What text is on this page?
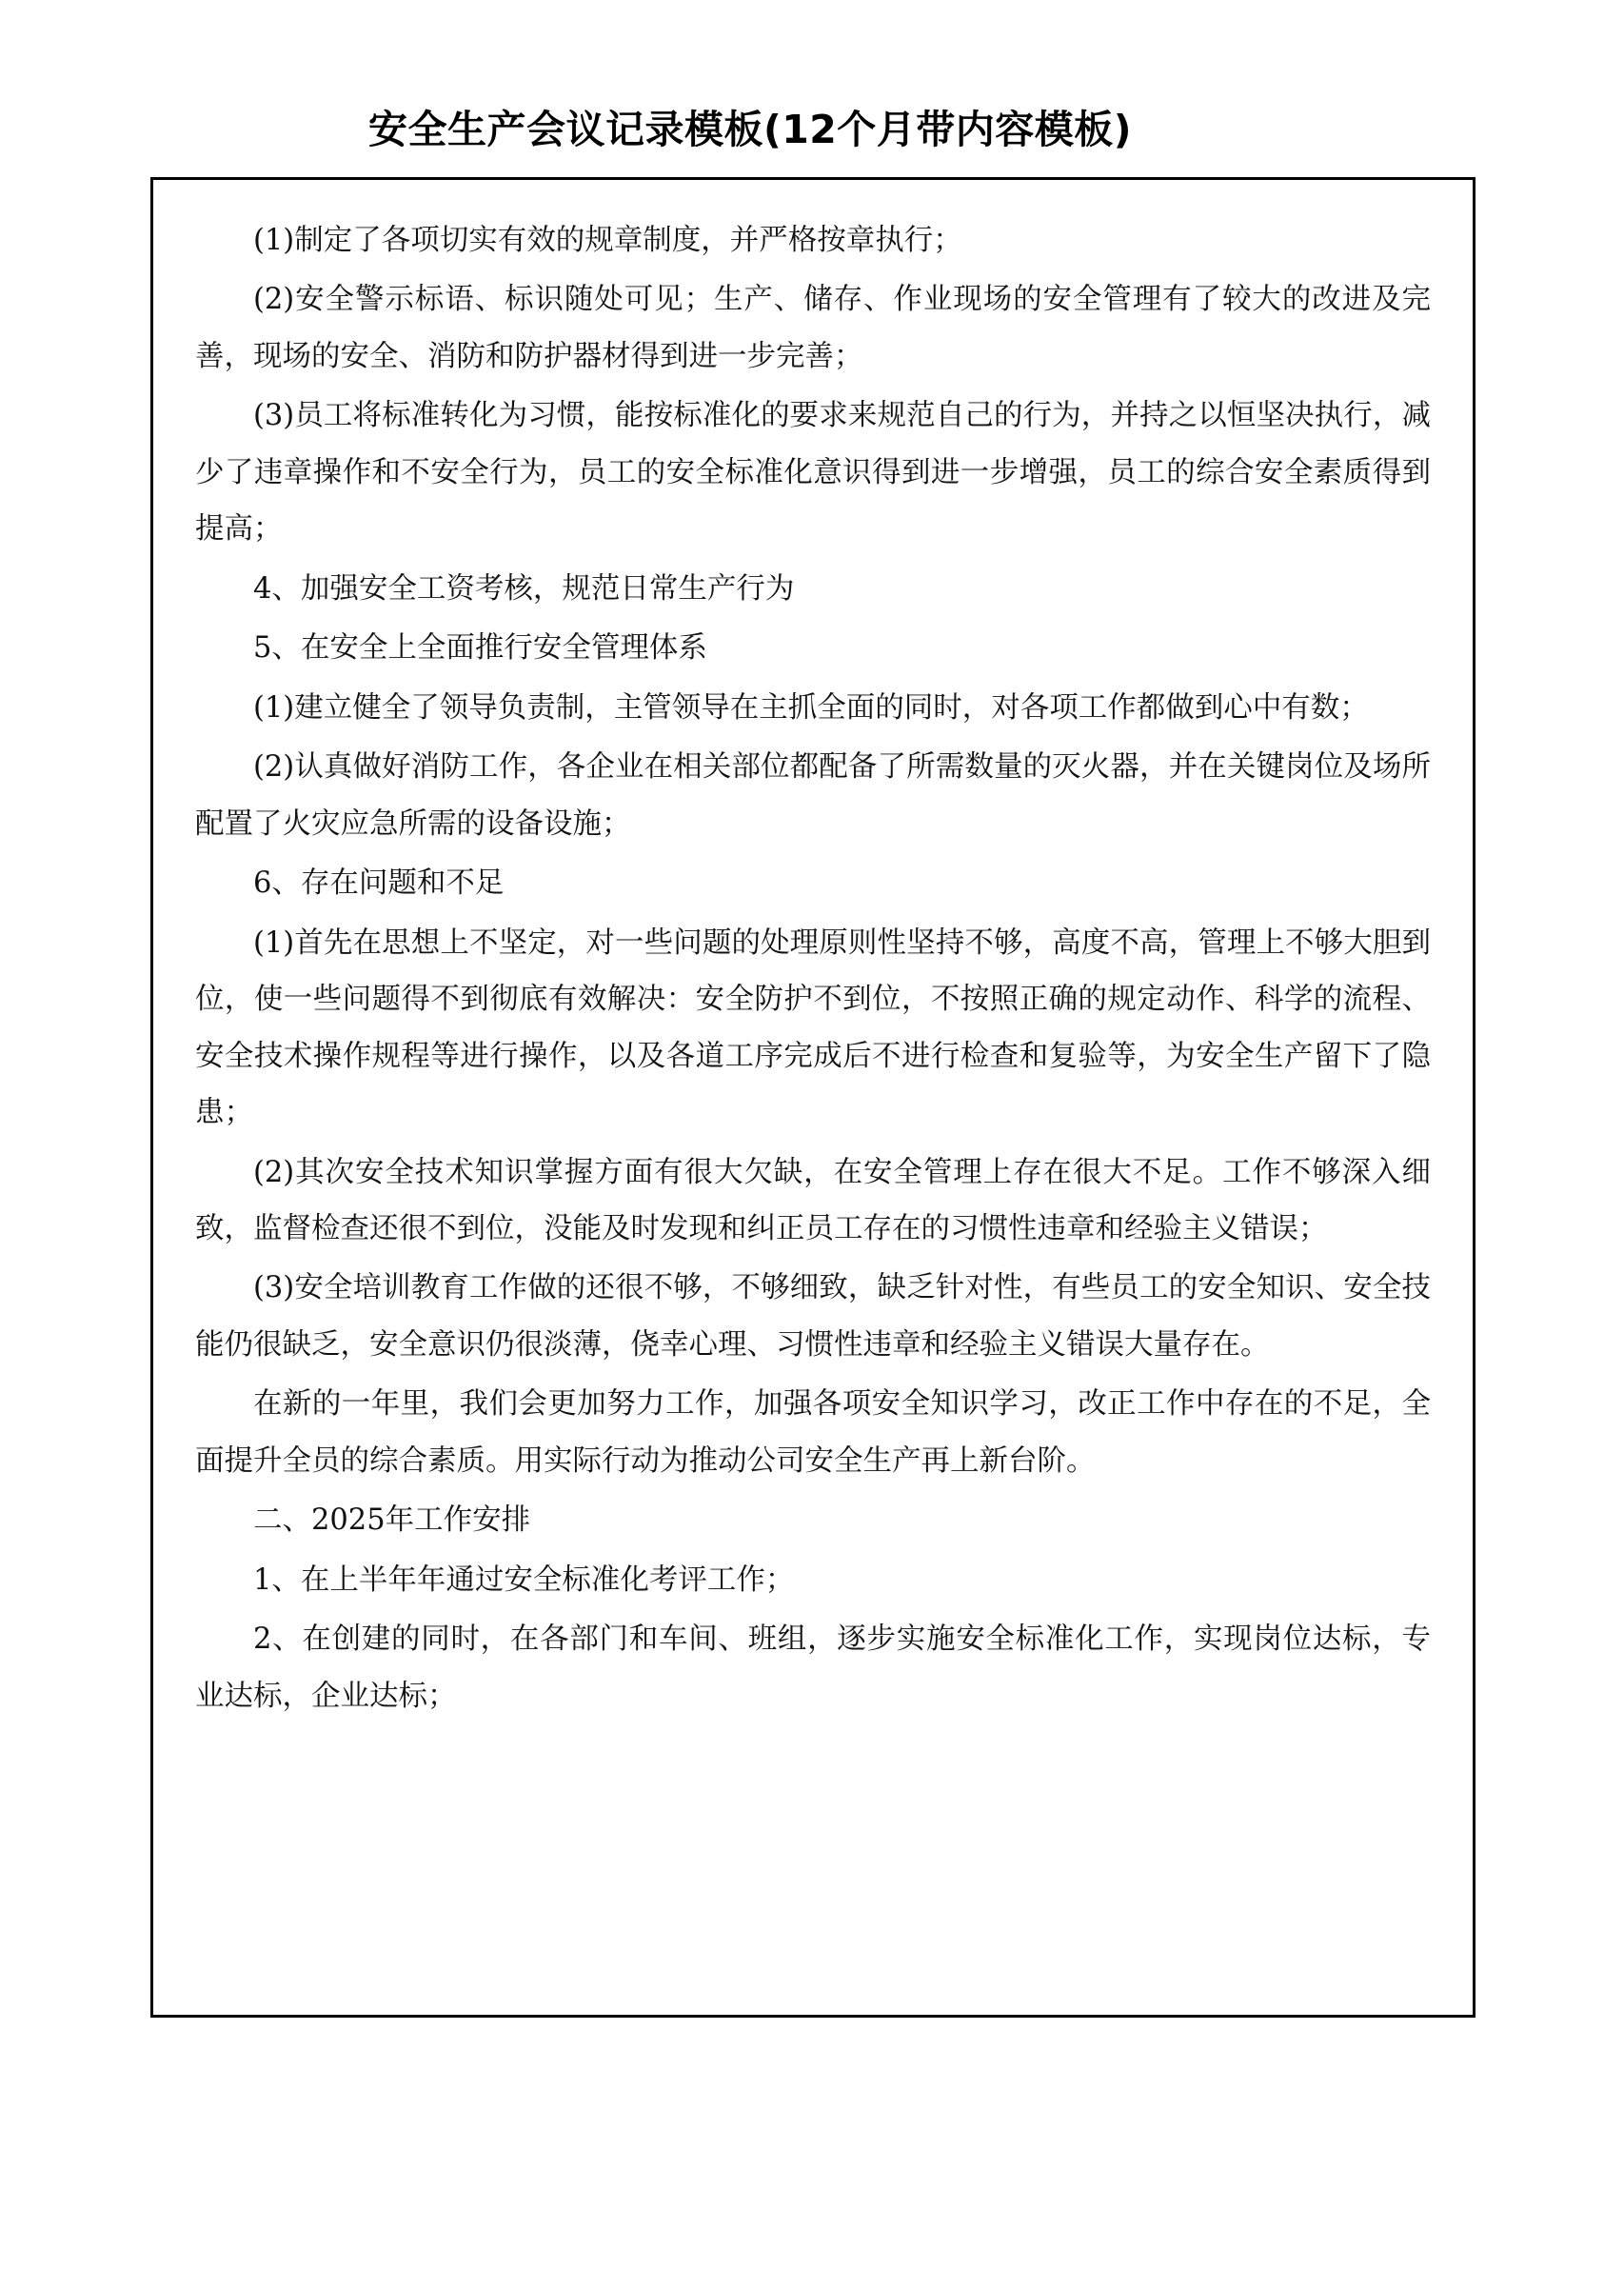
安全生产会议记录模板(12个月带内容模板)

(1)制定了各项切实有效的规章制度，并严格按章执行；

(2)安全警示标语、标识随处可见；生产、储存、作业现场的安全管理有了较大的改进及完善，现场的安全、消防和防护器材得到进一步完善；

(3)员工将标准转化为习惯，能按标准化的要求来规范自己的行为，并持之以恒坚决执行，减少了违章操作和不安全行为，员工的安全标准化意识得到进一步增强，员工的综合安全素质得到提高；

4、加强安全工资考核，规范日常生产行为

5、在安全上全面推行安全管理体系

(1)建立健全了领导负责制，主管领导在主抓全面的同时，对各项工作都做到心中有数；

(2)认真做好消防工作，各企业在相关部位都配备了所需数量的灭火器，并在关键岗位及场所配置了火灾应急所需的设备设施；

6、存在问题和不足

(1)首先在思想上不坚定，对一些问题的处理原则性坚持不够，高度不高，管理上不够大胆到位，使一些问题得不到彻底有效解决：安全防护不到位，不按照正确的规定动作、科学的流程、安全技术操作规程等进行操作，以及各道工序完成后不进行检查和复验等，为安全生产留下了隐患；

(2)其次安全技术知识掌握方面有很大欠缺，在安全管理上存在很大不足。工作不够深入细致，监督检查还很不到位，没能及时发现和纠正员工存在的习惯性违章和经验主义错误；

(3)安全培训教育工作做的还很不够，不够细致，缺乏针对性，有些员工的安全知识、安全技能仍很缺乏，安全意识仍很淡薄，侥幸心理、习惯性违章和经验主义错误大量存在。

在新的一年里，我们会更加努力工作，加强各项安全知识学习，改正工作中存在的不足，全面提升全员的综合素质。用实际行动为推动公司安全生产再上新台阶。

二、2025年工作安排

1、在上半年年通过安全标准化考评工作；

2、在创建的同时，在各部门和车间、班组，逐步实施安全标准化工作，实现岗位达标，专业达标，企业达标；
